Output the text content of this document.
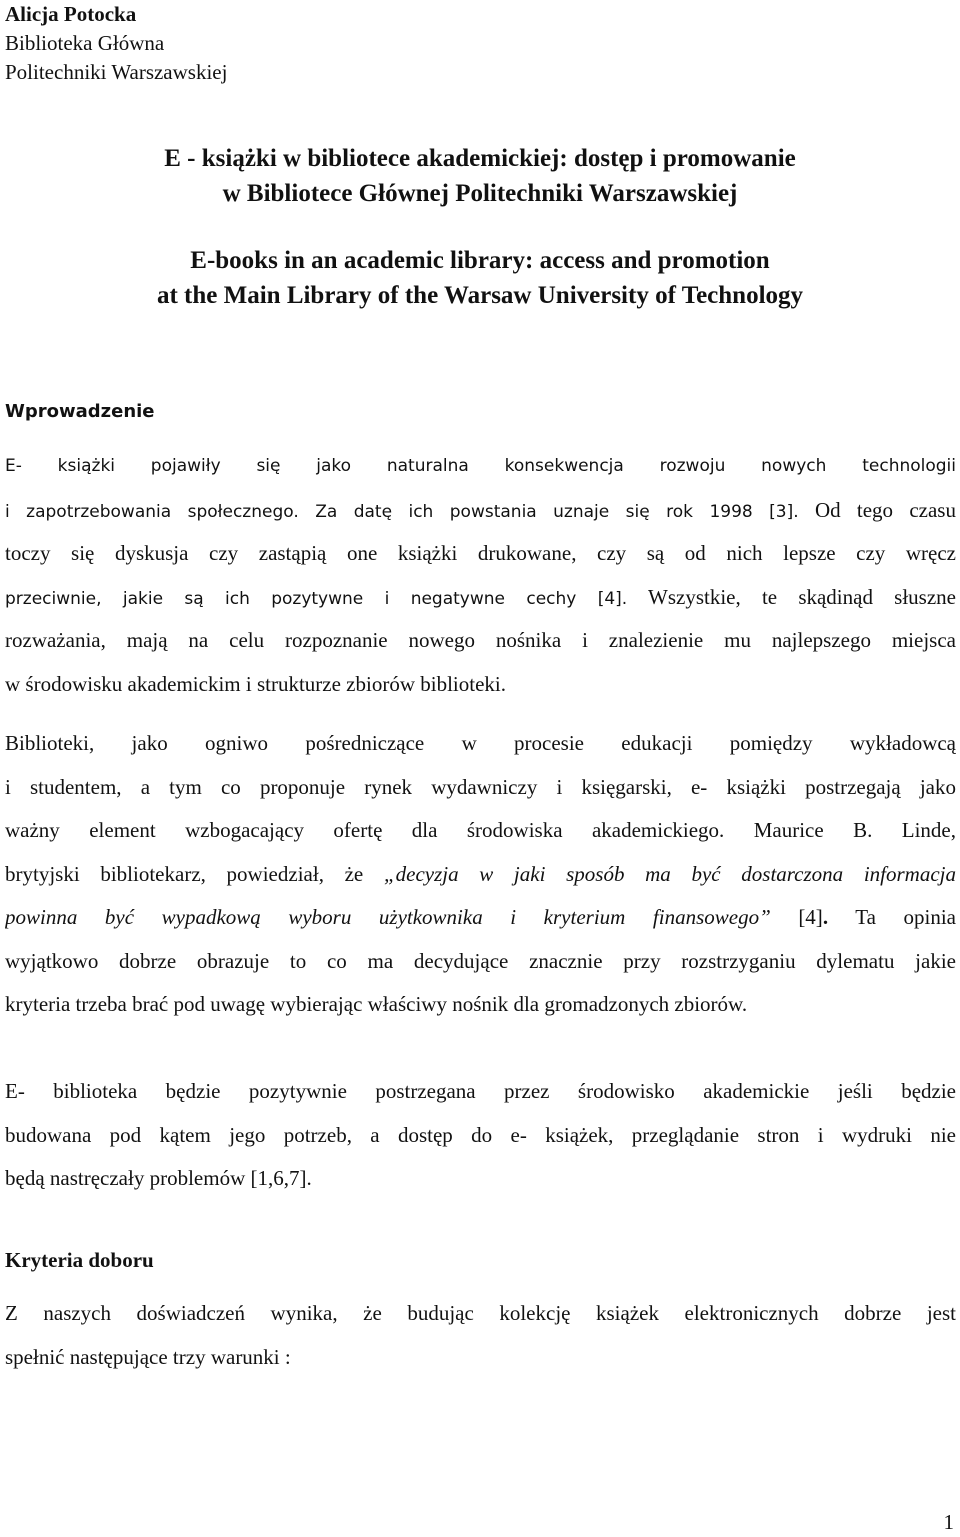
Alicja Potocka
Biblioteka Główna
Politechniki Warszawskiej
E - książki w bibliotece akademickiej: dostęp i promowanie
w Bibliotece Głównej Politechniki Warszawskiej
E-books in an academic library: access and promotion
at the Main Library of the Warsaw University of Technology
Wprowadzenie
E- książki pojawiły się jako naturalna konsekwencja rozwoju nowych technologii
i zapotrzebowania społecznego. Za datę ich powstania uznaje się rok 1998 [3]. Od tego czasu
toczy się dyskusja czy zastąpią one książki drukowane, czy są od nich lepsze czy wręcz
przeciwnie, jakie są ich pozytywne i negatywne cechy [4]. Wszystkie, te skądinąd słuszne
rozważania, mają na celu rozpoznanie nowego nośnika i znalezienie mu najlepszego miejsca
w środowisku akademickim i strukturze zbiorów biblioteki.
Biblioteki, jako ogniwo pośredniczące w procesie edukacji pomiędzy wykładowcą
i studentem, a tym co proponuje rynek wydawniczy i księgarski, e- książki postrzegają jako
ważny element wzbogacający ofertę dla środowiska akademickiego. Maurice B. Linde,
brytyjski bibliotekarz, powiedział, że „decyzja w jaki sposób ma być dostarczona informacja
powinna być wypadkową wyboru użytkownika i kryterium finansowego” [4]. Ta opinia
wyjątkowo dobrze obrazuje to co ma decydujące znacznie przy rozstrzyganiu dylematu jakie
kryteria trzeba brać pod uwagę wybierając właściwy nośnik dla gromadzonych zbiorów.
E- biblioteka będzie pozytywnie postrzegana przez środowisko akademickie jeśli będzie
budowana pod kątem jego potrzeb, a dostęp do e- książek, przeglądanie stron i wydruki nie
będą nastręczały problemów [1,6,7].
Kryteria doboru
Z naszych doświadczeń wynika, że budując kolekcję książek elektronicznych dobrze jest
spełnić następujące trzy warunki :
1
